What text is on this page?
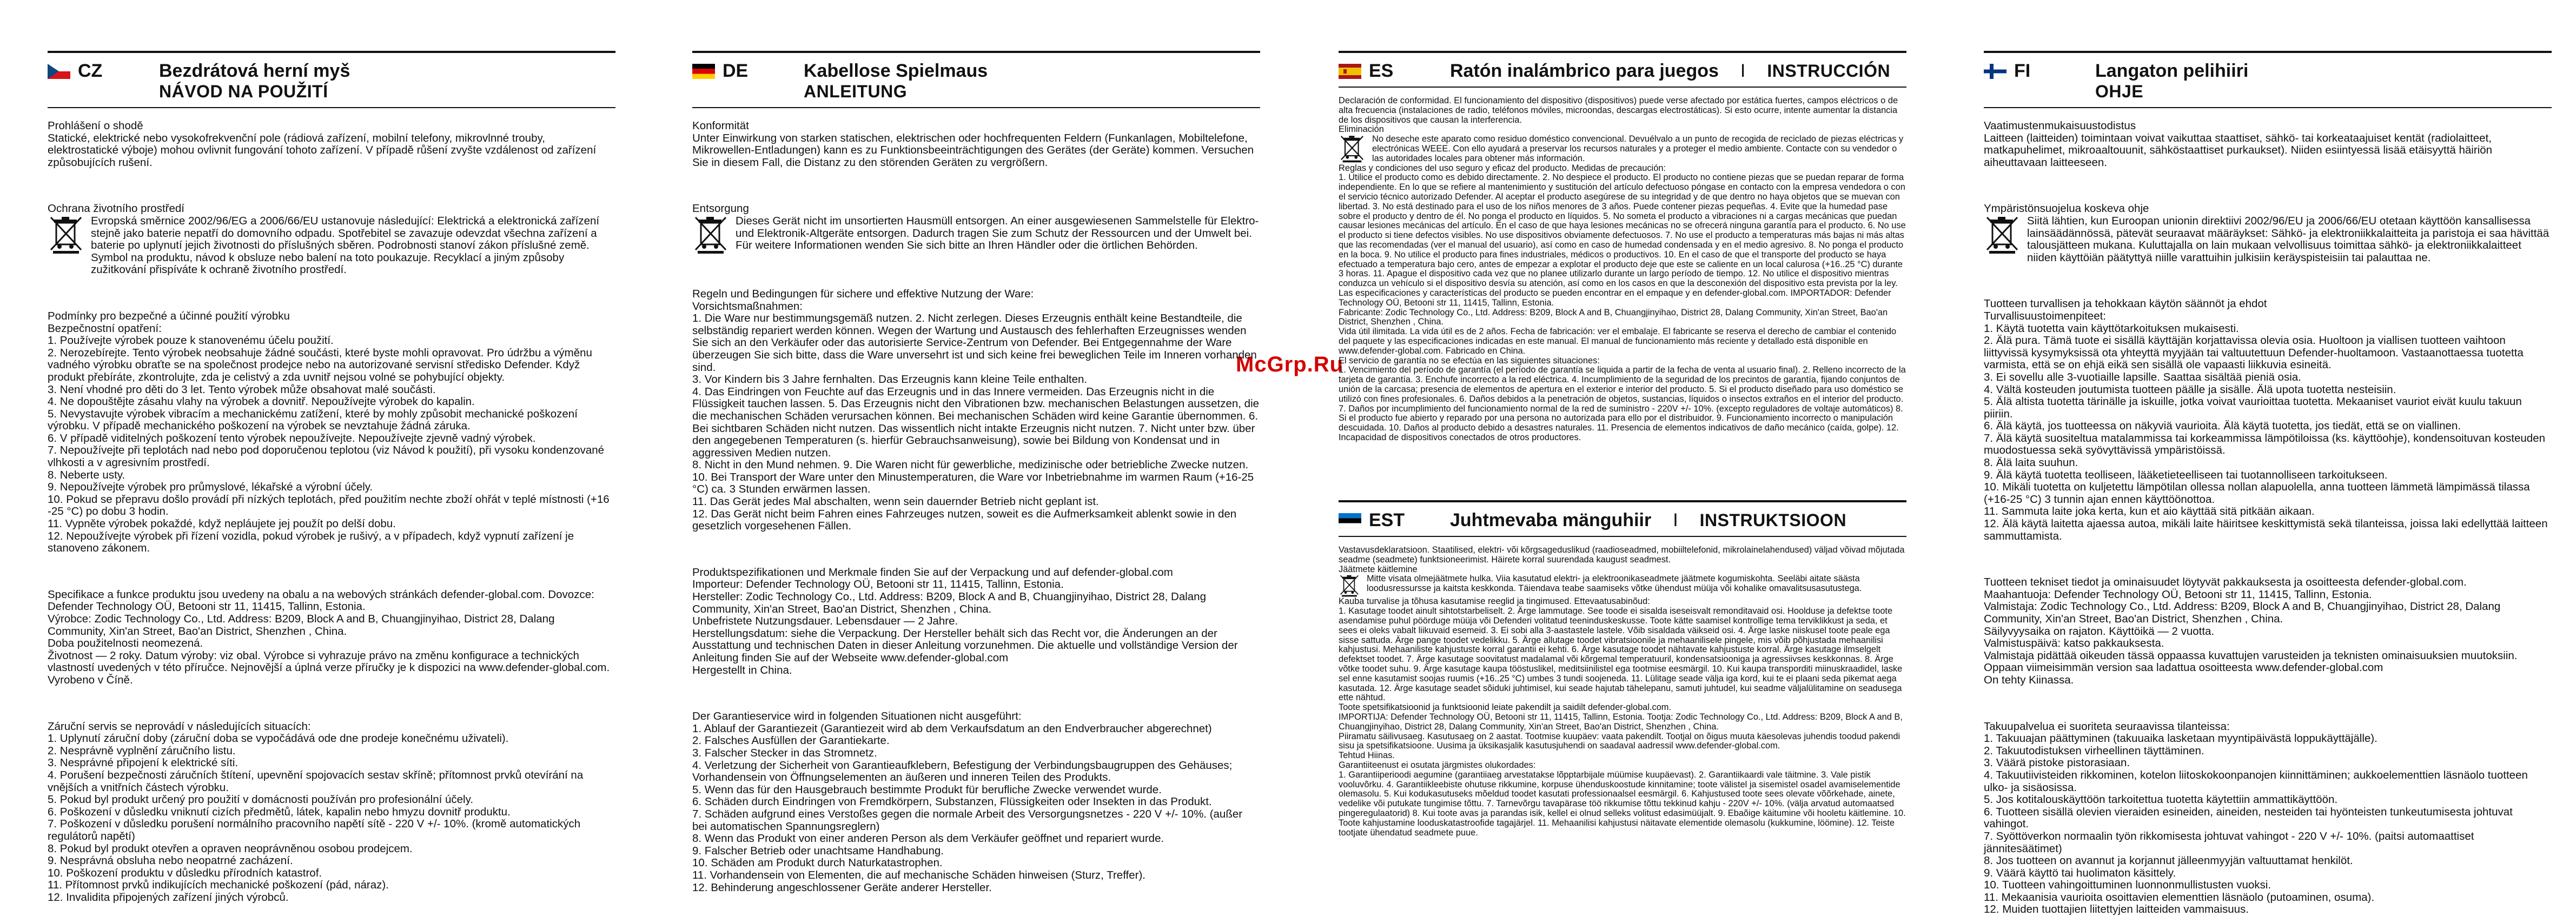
McGrp.Ru
CZ	Bezdrátová herní myš
NÁVOD NA POUŽITÍ

Prohlášení o shodě

Statické, elektrické nebo vysokofrekvenční pole (rádiová zařízení, mobilní telefony, mikrovlnné trouby, elektrostatické výboje) mohou ovlivnit fungování tohoto zařízení. V případě růšení zvyšte vzdálenost od zařízení způsobujících rušení.

Ochrana životního prostředí

Evropská směrnice 2002/96/EG a 2006/66/EU ustanovuje následující: Elektrická a elektronická zařízení stejně jako baterie nepatří do domovního odpadu. Spotřebitel se zavazuje odevzdat všechna zařízení a baterie po uplynutí jejich životnosti do příslušných sběren. Podrobnosti stanoví zákon příslušné země. Symbol na produktu, návod k obsluze nebo balení na toto poukazuje. Recyklací a jiným způsoby zužitkování přispíváte k ochraně životního prostředí.

Podmínky pro bezpečné a účinné použití výrobku

Bezpečnostní opatření:

1. Používejte výrobek pouze k stanovenému účelu použití.

2. Nerozebírejte. Tento výrobek neobsahuje žádné součásti, které byste mohli opravovat. Pro údržbu a výměnu vadného výrobku obraťte se na společnost prodejce nebo na autorizované servisní středisko Defender. Když produkt přebíráte, zkontrolujte, zda je celistvý a zda uvnitř nejsou volné se pohybující objekty.

3. Není vhodné pro děti do 3 let. Tento výrobek může obsahovat malé součásti.

4. Ne dopouštějte zásahu vlahy na výrobek a dovnitř. Nepoužívejte výrobek do kapalin.

5. Nevystavujte výrobek vibracím a mechanickému zatížení, které by mohly způsobit mechanické poškození výrobku. V případě mechanického poškození na výrobek se nevztahuje žádná záruka.

6. V případě viditelných poškození tento výrobek nepoužívejte. Nepoužívejte zjevně vadný výrobek.

7. Nepoužívejte při teplotách nad nebo pod doporučenou teplotou (viz Návod k použití), při vysoku kondenzované vlhkosti a v agresivním prostředí.

8. Neberte usty.

9. Nepoužívejte výrobek pro průmyslové, lékařské a výrobní účely.

10. Pokud se přepravu došlo provádí při nízkých teplotách, před použitím nechte zboží ohřát v teplé místnosti (+16 -25 °C) po dobu 3 hodin.

11. Vypněte výrobek pokaždé, když nepláujete jej použít po delší dobu.

12. Nepoužívejte výrobek při řízení vozidla, pokud výrobek je rušivý, a v případech, když vypnutí zařízení je stanoveno zákonem.

Specifikace a funkce produktu jsou uvedeny na obalu a na webových stránkách defender-global.com. Dovozce: Defender Technology OÜ, Betooni str 11, 11415, Tallinn, Estonia.

Výrobce: Zodic Technology Co., Ltd. Address: B209, Block A and B, Chuangjinyihao, District 28, Dalang Community, Xin'an Street, Bao'an District, Shenzhen , China.

Doba použitelnosti neomezená.

Životnost — 2 roky. Datum výroby: viz obal. Výrobce si vyhrazuje právo na změnu konfigurace a technických vlastností uvedených v této příručce. Nejnovější a úplná verze příručky je k dispozici na www.defender-global.com. Vyrobeno v Číně.

Záruční servis se neprovádí v následujících situacích:

1. Uplynutí záruční doby (záruční doba se vypočádává ode dne prodeje konečnému uživateli).

2. Nesprávně vyplnění záručního listu.

3. Nesprávné připojení k elektrické síti.

4. Porušení bezpečnosti záručních štítení, upevnění spojovacích sestav skříně; přítomnost prvků otevírání na vnějších a vnitřních částech výrobku.

5. Pokud byl produkt určený pro použití v domácnosti používán pro profesionální účely.

6. Poškození v důsledku vniknutí cizích předmětů, látek, kapalin nebo hmyzu dovnitř produktu.

7. Poškození v důsledku porušení normálního pracovního napětí sítě - 220 V +/- 10%. (kromě automatických regulátorů napětí)

8. Pokud byl produkt otevřen a opraven neoprávněnou osobou prodejcem.

9. Nesprávná obsluha nebo neopatrné zacházení.

10. Poškození produktu v důsledku přírodních katastrof.

11. Přítomnost prvků indikujících mechanické poškození (pád, náraz).

12. Invalidita připojených zařízení jiných výrobců.

DE	Kabellose Spielmaus
ANLEITUNG

Konformität

Unter Einwirkung von starken statischen, elektrischen oder hochfrequenten Feldern (Funkanlagen, Mobiltelefone, Mikrowellen-Entladungen) kann es zu Funktionsbeeinträchtigungen des Gerätes (der Geräte) kommen. Versuchen Sie in diesem Fall, die Distanz zu den störenden Geräten zu vergrößern.

Entsorgung

Dieses Gerät nicht im unsortierten Hausmüll entsorgen. An einer ausgewiesenen Sammelstelle für Elektro- und Elektronik-Altgeräte entsorgen. Dadurch tragen Sie zum Schutz der Ressourcen und der Umwelt bei. Für weitere Informationen wenden Sie sich bitte an Ihren Händler oder die örtlichen Behörden.

Regeln und Bedingungen für sichere und effektive Nutzung der Ware:

Vorsichtsmaßnahmen:

1. Die Ware nur bestimmungsgemäß nutzen. 2. Nicht zerlegen. Dieses Erzeugnis enthält keine Bestandteile, die selbständig repariert werden können. Wegen der Wartung und Austausch des fehlerhaften Erzeugnisses wenden Sie sich an den Verkäufer oder das autorisierte Service-Zentrum von Defender. Bei Entgegennahme der Ware überzeugen Sie sich bitte, dass die Ware unversehrt ist und sich keine frei beweglichen Teile im Inneren vorhanden sind.

3. Vor Kindern bis 3 Jahre fernhalten. Das Erzeugnis kann kleine Teile enthalten.

4. Das Eindringen von Feuchte auf das Erzeugnis und in das Innere vermeiden. Das Erzeugnis nicht in die Flüssigkeit tauchen lassen. 5. Das Erzeugnis nicht den Vibrationen bzw. mechanischen Belastungen aussetzen, die die mechanischen Schäden verursachen können. Bei mechanischen Schäden wird keine Garantie übernommen. 6. Bei sichtbaren Schäden nicht nutzen. Das wissentlich nicht intakte Erzeugnis nicht nutzen. 7. Nicht unter bzw. über den angegebenen Temperaturen (s. hierfür Gebrauchsanweisung), sowie bei Bildung von Kondensat und in aggressiven Medien nutzen.

8. Nicht in den Mund nehmen. 9. Die Waren nicht für gewerbliche, medizinische oder betriebliche Zwecke nutzen. 10. Bei Transport der Ware unter den Minustemperaturen, die Ware vor Inbetriebnahme im warmen Raum (+16-25 °C) ca. 3 Stunden erwärmen lassen.

11. Das Gerät jedes Mal abschalten, wenn sein dauernder Betrieb nicht geplant ist.

12. Das Gerät nicht beim Fahren eines Fahrzeuges nutzen, soweit es die Aufmerksamkeit ablenkt sowie in den gesetzlich vorgesehenen Fällen.

Produktspezifikationen und Merkmale finden Sie auf der Verpackung und auf defender-global.com

Importeur: Defender Technology OÜ, Betooni str 11, 11415, Tallinn, Estonia.

Hersteller: Zodic Technology Co., Ltd. Address: B209, Block A and B, Chuangjinyihao, District 28, Dalang Community, Xin'an Street, Bao'an District, Shenzhen , China.

Unbefristete Nutzungsdauer. Lebensdauer — 2 Jahre.

Herstellungsdatum: siehe die Verpackung. Der Hersteller behält sich das Recht vor, die Änderungen an der Ausstattung und technischen Daten in dieser Anleitung vorzunehmen. Die aktuelle und vollständige Version der Anleitung finden Sie auf der Webseite www.defender-global.com

Hergestellt in China.

Der Garantieservice wird in folgenden Situationen nicht ausgeführt:

1. Ablauf der Garantiezeit (Garantiezeit wird ab dem Verkaufsdatum an den Endverbraucher abgerechnet)

2. Falsches Ausfüllen der Garantiekarte.

3. Falscher Stecker in das Stromnetz.

4. Verletzung der Sicherheit von Garantieaufklebern, Befestigung der Verbindungsbaugruppen des Gehäuses; Vorhandensein von Öffnungselementen an äußeren und inneren Teilen des Produkts.

5. Wenn das für den Hausgebrauch bestimmte Produkt für berufliche Zwecke verwendet wurde.

6. Schäden durch Eindringen von Fremdkörpern, Substanzen, Flüssigkeiten oder Insekten in das Produkt.

7. Schäden aufgrund eines Verstoßes gegen die normale Arbeit des Versorgungsnetzes - 220 V +/- 10%. (außer bei automatischen Spannungsreglern)

8. Wenn das Produkt von einer anderen Person als dem Verkäufer geöffnet und repariert wurde.

9. Falscher Betrieb oder unachtsame Handhabung.

10. Schäden am Produkt durch Naturkatastrophen.

11. Vorhandensein von Elementen, die auf mechanische Schäden hinweisen (Sturz, Treffer).

12. Behinderung angeschlossener Geräte anderer Hersteller.

ES	Ratón inalámbrico para juegos I INSTRUCCIÓN

Declaración de conformidad. El funcionamiento del dispositivo (dispositivos) puede verse afectado por estática fuertes, campos eléctricos o de alta frecuencia (instalaciones de radio, teléfonos móviles, microondas, descargas electrostáticas). Si esto ocurre, intente aumentar la distancia de los dispositivos que causan la interferencia.

Eliminación

No deseche este aparato como residuo doméstico convencional. Devuélvalo a un punto de recogida de reciclado de piezas eléctricas y electrónicas WEEE. Con ello ayudará a preservar los recursos naturales y a proteger el medio ambiente. Contacte con su vendedor o las autoridades locales para obtener más información.

Reglas y condiciones del uso seguro y eficaz del producto. Medidas de precaución:

1. Utilice el producto como es debido directamente. 2. No despiece el producto. El producto no contiene piezas que se puedan reparar de forma independiente. En lo que se refiere al mantenimiento y sustitución del artículo defectuoso póngase en contacto con la empresa vendedora o con el servicio técnico autorizado Defender. Al aceptar el producto asegúrese de su integridad y de que dentro no haya objetos que se muevan con libertad. 3. No está destinado para el uso de los niños menores de 3 años. Puede contener piezas pequeñas. 4. Evite que la humedad pase sobre el producto y dentro de él. No ponga el producto en líquidos. 5. No someta el producto a vibraciones ni a cargas mecánicas que puedan causar lesiones mecánicas del artículo. En el caso de que haya lesiones mecánicas no se ofrecerá ninguna garantía para el producto. 6. No use el producto si tiene defectos visibles. No use dispositivos obviamente defectuosos. 7. No use el producto a temperaturas más bajas ni más altas que las recomendadas (ver el manual del usuario), así como en caso de humedad condensada y en el medio agresivo. 8. No ponga el producto en la boca. 9. No utilice el producto para fines industriales, médicos o productivos. 10. En el caso de que el transporte del producto se haya efectuado a temperatura bajo cero, antes de empezar a explotar el producto deje que este se caliente en un local calurosa (+16..25 °C) durante 3 horas. 11. Apague el dispositivo cada vez que no planee utilizarlo durante un largo período de tiempo. 12. No utilice el dispositivo mientras conduzca un vehículo si el dispositivo desvía su atención, así como en los casos en que la desconexión del dispositivo esta prevista por la ley.

Las especificaciones y características del producto se pueden encontrar en el empaque y en defender-global.com. IMPORTADOR: Defender Technology OÜ, Betooni str 11, 11415, Tallinn, Estonia.

Fabricante: Zodic Technology Co., Ltd. Address: B209, Block A and B, Chuangjinyihao, District 28, Dalang Community, Xin'an Street, Bao'an District, Shenzhen , China.

Vida útil ilimitada. La vida útil es de 2 años. Fecha de fabricación: ver el embalaje. El fabricante se reserva el derecho de cambiar el contenido del paquete y las especificaciones indicadas en este manual. El manual de funcionamiento más reciente y detallado está disponible en www.defender-global.com. Fabricado en China.

El servicio de garantía no se efectúa en las siguientes situaciones:

1. Vencimiento del período de garantía (el período de garantía se liquida a partir de la fecha de venta al usuario final). 2. Relleno incorrecto de la tarjeta de garantía. 3. Enchufe incorrecto a la red eléctrica. 4. Incumplimiento de la seguridad de los precintos de garantía, fijando conjuntos de unión de la carcasa; presencia de elementos de apertura en el exterior e interior del producto. 5. Si el producto diseñado para uso doméstico se utilizó con fines profesionales. 6. Daños debidos a la penetración de objetos, sustancias, líquidos o insectos extraños en el interior del producto. 7. Daños por incumplimiento del funcionamiento normal de la red de suministro - 220V +/- 10%. (excepto reguladores de voltaje automáticos) 8. Si el producto fue abierto y reparado por una persona no autorizada para ello por el distribuidor. 9. Funcionamiento incorrecto o manipulación descuidada. 10. Daños al producto debido a desastres naturales. 11. Presencia de elementos indicativos de daño mecánico (caída, golpe). 12. Incapacidad de dispositivos conectados de otros productores.

EST	Juhtmevaba mänguhiir I INSTRUKTSIOON

Vastavusdeklaratsioon. Staatilised, elektri- või kõrgsageduslikud (raadioseadmed, mobiiltelefonid, mikrolainelahendused) väljad võivad mõjutada seadme (seadmete) funktsioneerimist. Häirete korral suurendada kaugust seadmest.

Jäätmete käitlemine

Mitte visata olmejäätmete hulka. Viia kasutatud elektri- ja elektroonikaseadmete jäätmete kogumiskohta. Seeläbi aitate säästa loodusressursse ja kaitsta keskkonda. Täiendava teabe saamiseks võtke ühendust müüja või kohalike omavalitsusasutustega.

Kauba turvalise ja tõhusa kasutamise reeglid ja tingimused. Ettevaatusabinõud:

1. Kasutage toodet ainult sihtotstarbeliselt. 2. Ärge lammutage. See toode ei sisalda iseseisvalt remonditavaid osi. Hoolduse ja defektse toote asendamise puhul pöörduge müüja või Defenderi volitatud teeninduskeskusse. Toote kätte saamisel kontrollige tema terviklikkust ja seda, et sees ei oleks vabalt liikuvaid esemeid. 3. Ei sobi alla 3-aastastele lastele. Võib sisaldada väikseid osi. 4. Ärge laske niiskusel toote peale ega sisse sattuda. Ärge pange toodet vedelikku. 5. Ärge allutage toodet vibratsioonile ja mehaanilisele pingele, mis võib põhjustada mehaanilisi kahjustusi. Mehaaniliste kahjustuste korral garantii ei kehti. 6. Ärge kasutage toodet nähtavate kahjustuste korral. Ärge kasutage ilmselgelt defektset toodet. 7. Ärge kasutage soovitatust madalamal või kõrgemal temperatuuril, kondensatsiooniga ja agressiivses keskkonnas. 8. Ärge võtke toodet suhu. 9. Ärge kasutage kaupa tööstuslikel, meditsiinilistel ega tootmise eesmärgil. 10. Kui kaupa transporditi miinuskraadidel, laske sel enne kasutamist soojas ruumis (+16..25 °C) umbes 3 tundi soojeneda. 11. Lülitage seade välja iga kord, kui te ei plaani seda pikemat aega kasutada. 12. Ärge kasutage seadet sõiduki juhtimisel, kui seade hajutab tähelepanu, samuti juhtudel, kui seadme väljalülitamine on seadusega ette nähtud.

Toote spetsifikatsioonid ja funktsioonid leiate pakendilt ja saidilt defender-global.com.

IMPORTIJA: Defender Technology OÜ, Betooni str 11, 11415, Tallinn, Estonia. Tootja: Zodic Technology Co., Ltd. Address: B209, Block A and B, Chuangjinyihao, District 28, Dalang Community, Xin'an Street, Bao'an District, Shenzhen , China.

Piiramatu säilivusaeg. Kasutusaeg on 2 aastat. Tootmise kuupäev: vaata pakendilt. Tootjal on õigus muuta käesolevas juhendis toodud pakendi sisu ja spetsifikatsioone. Uusima ja üksikasjalik kasutusjuhendi on saadaval aadressil www.defender-global.com.

Tehtud Hiinas.

Garantiiteenust ei osutata järgmistes olukordades:

1. Garantiiperioodi aegumine (garantiiaeg arvestatakse lõpptarbijale müümise kuupäevast). 2. Garantiikaardi vale täitmine. 3. Vale pistik vooluvõrku. 4. Garantiikleebiste ohutuse rikkumine, korpuse ühenduskoostude kinnitamine; toote välistel ja sisemistel osadel avamiselementide olemasolu. 5. Kui kodukasutuseks mõeldud toodet kasutati professionaalsel eesmärgil. 6. Kahjustused toote sees olevate võõrkehade, ainete, vedelike või putukate tungimise tõttu. 7. Tarnevõrgu tavapärase töö rikkumise tõttu tekkinud kahju - 220V +/- 10%. (välja arvatud automaatsed pingeregulaatorid) 8. Kui toote avas ja parandas isik, kellel ei olnud selleks volitust edasimüüjalt. 9. Ebaõige käitumine või hooletu käitlemine. 10. Toote kahjustamine looduskatastroofide tagajärjel. 11. Mehaanilisi kahjustusi näitavate elementide olemasolu (kukkumine, löömine). 12. Teiste tootjate ühendatud seadmete puue.

FI	Langaton pelihiiri
OHJE

Vaatimustenmukaisuustodistus

Laitteen (laitteiden) toimintaan voivat vaikuttaa staattiset, sähkö- tai korkeataajuiset kentät (radiolaitteet, matkapuhelimet, mikroaaltouunit, sähköstaattiset purkaukset). Niiden esiintyessä lisää etäisyyttä häiriön aiheuttavaan laitteeseen.

Ympäristönsuojelua koskeva ohje

Siitä lähtien, kun Euroopan unionin direktiivi 2002/96/EU ja 2006/66/EU otetaan käyttöön kansallisessa lainsäädännössä, pätevät seuraavat määräykset: Sähkö- ja elektroniikkalaitteita ja paristoja ei saa hävittää talousjätteen mukana. Kuluttajalla on lain mukaan velvollisuus toimittaa sähkö- ja elektroniikkalaitteet niiden käyttöiän päätyttyä niille varattuihin julkisiin keräyspisteisiin tai palauttaa ne.

Tuotteen turvallisen ja tehokkaan käytön säännöt ja ehdot

Turvallisuustoimenpiteet:

1. Käytä tuotetta vain käyttötarkoituksen mukaisesti.

2. Älä pura. Tämä tuote ei sisällä käyttäjän korjattavissa olevia osia. Huoltoon ja viallisen tuotteen vaihtoon liittyvissä kysymyksissä ota yhteyttä myyjään tai valtuutettuun Defender-huoltamoon. Vastaanottaessa tuotetta varmista, että se on ehjä eikä sen sisällä ole vapaasti liikkuvia esineitä.

3. Ei sovellu alle 3-vuotiaille lapsille. Saattaa sisältää pieniä osia.

4. Vältä kosteuden joutumista tuotteen päälle ja sisälle. Älä upota tuotetta nesteisiin.

5. Älä altista tuotetta tärinälle ja iskuille, jotka voivat vaurioittaa tuotetta. Mekaaniset vauriot eivät kuulu takuun piiriin.

6. Älä käytä, jos tuotteessa on näkyviä vaurioita. Älä käytä tuotetta, jos tiedät, että se on viallinen.

7. Älä käytä suositeltua matalammissa tai korkeammissa lämpötiloissa (ks. käyttöohje), kondensoituvan kosteuden muodostuessa sekä syövyttävissä ympäristöissä.

8. Älä laita suuhun.

9. Älä käytä tuotetta teolliseen, lääketieteelliseen tai tuotannolliseen tarkoitukseen.

10. Mikäli tuotetta on kuljetettu lämpötilan ollessa nollan alapuolella, anna tuotteen lämmetä lämpimässä tilassa (+16-25 °C) 3 tunnin ajan ennen käyttöönottoa.

11. Sammuta laite joka kerta, kun et aio käyttää sitä pitkään aikaan.

12. Älä käytä laitetta ajaessa autoa, mikäli laite häiritsee keskittymistä sekä tilanteissa, joissa laki edellyttää laitteen sammuttamista.

Tuotteen tekniset tiedot ja ominaisuudet löytyvät pakkauksesta ja osoitteesta defender-global.com.

Maahantuoja: Defender Technology OÜ, Betooni str 11, 11415, Tallinn, Estonia.

Valmistaja: Zodic Technology Co., Ltd. Address: B209, Block A and B, Chuangjinyihao, District 28, Dalang Community, Xin'an Street, Bao'an District, Shenzhen , China.

Säilyvyysaika on rajaton. Käyttöikä — 2 vuotta.

Valmistuspäivä: katso pakkauksesta.

Valmistaja pidättää oikeuden tässä oppaassa kuvattujen varusteiden ja teknisten ominaisuuksien muutoksiin. Oppaan viimeisimmän version saa ladattua osoitteesta www.defender-global.com

On tehty Kiinassa.

Takuupalvelua ei suoriteta seuraavissa tilanteissa:

1. Takuuajan päättyminen (takuuaika lasketaan myyntipäivästä loppukäyttäjälle).

2. Takuutodistuksen virheellinen täyttäminen.

3. Väärä pistoke pistorasiaan.

4. Takuutiivisteiden rikkominen, kotelon liitoskokoonpanojen kiinnittäminen; aukkoelementtien läsnäolo tuotteen ulko- ja sisäosissa.

5. Jos kotitalouskäyttöön tarkoitettua tuotetta käytettiin ammattikäyttöön.

6. Tuotteen sisällä olevien vieraiden esineiden, aineiden, nesteiden tai hyönteisten tunkeutumisesta johtuvat vahingot.

7. Syöttöverkon normaalin työn rikkomisesta johtuvat vahingot - 220 V +/- 10%. (paitsi automaattiset jännitesäätimet)

8. Jos tuotteen on avannut ja korjannut jälleenmyyjän valtuuttamat henkilöt.

9. Väärä käyttö tai huolimaton käsittely.

10. Tuotteen vahingoittuminen luonnonmullistusten vuoksi.

11. Mekaanisia vaurioita osoittavien elementtien läsnäolo (putoaminen, osuma).

12. Muiden tuottajien liitettyjen laitteiden vammaisuus.
